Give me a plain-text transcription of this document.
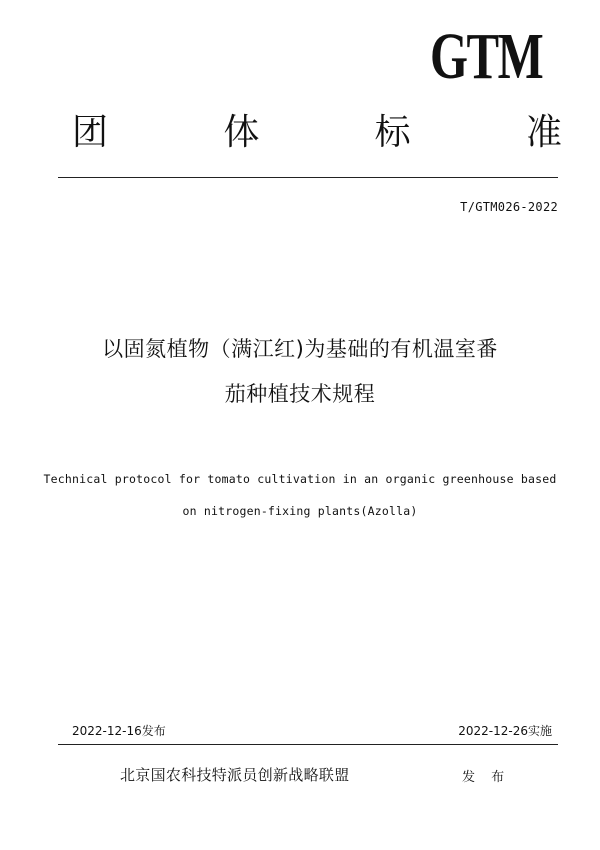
GTM
团	体	标	准
T/GTM026-2022
以固氮植物（满江红)为基础的有机温室番
茄种植技术规程
Technical protocol for tomato cultivation in an organic greenhouse based
on nitrogen-fixing plants(Azolla)
2022-12-16发布	2022-12-26实施
北京国农科技特派员创新战略联盟	发 布
